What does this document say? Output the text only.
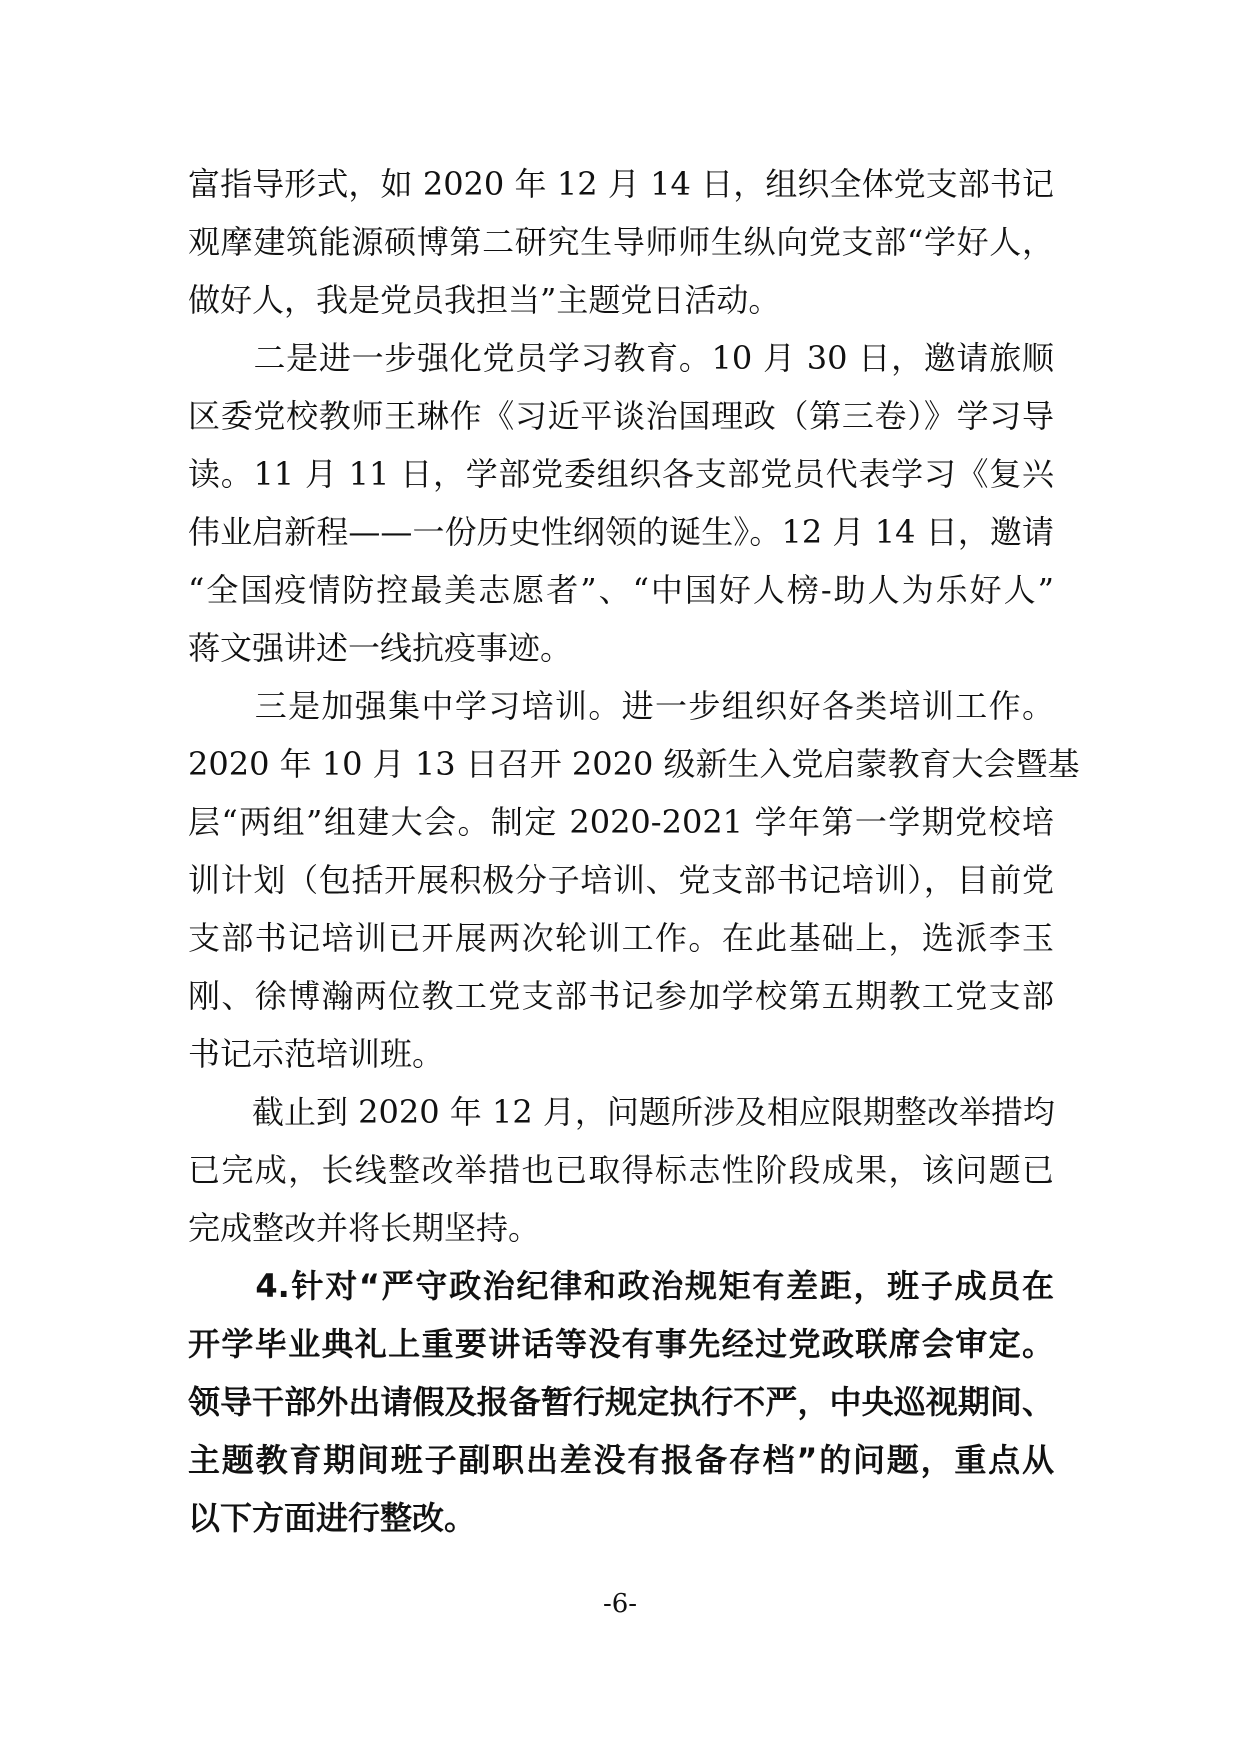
富指导形式，如 2020 年 12 月 14 日，组织全体党支部书记
观摩建筑能源硕博第二研究生导师师生纵向党支部“学好人，
做好人，我是党员我担当”主题党日活动。
　　二是进一步强化党员学习教育。10 月 30 日，邀请旅顺
区委党校教师王琳作《习近平谈治国理政（第三卷）》学习导
读。11 月 11 日，学部党委组织各支部党员代表学习《复兴
伟业启新程——一份历史性纲领的诞生》。12 月 14 日，邀请
“全国疫情防控最美志愿者”、“中国好人榜-助人为乐好人”
蒋文强讲述一线抗疫事迹。
　　三是加强集中学习培训。进一步组织好各类培训工作。
2020 年 10 月 13 日召开 2020 级新生入党启蒙教育大会暨基
层“两组”组建大会。制定 2020-2021 学年第一学期党校培
训计划（包括开展积极分子培训、党支部书记培训），目前党
支部书记培训已开展两次轮训工作。在此基础上，选派李玉
刚、徐博瀚两位教工党支部书记参加学校第五期教工党支部
书记示范培训班。
　　截止到 2020 年 12 月，问题所涉及相应限期整改举措均
已完成，长线整改举措也已取得标志性阶段成果，该问题已
完成整改并将长期坚持。
　　4.针对“严守政治纪律和政治规矩有差距，班子成员在
开学毕业典礼上重要讲话等没有事先经过党政联席会审定。
领导干部外出请假及报备暂行规定执行不严，中央巡视期间、
主题教育期间班子副职出差没有报备存档”的问题，重点从
以下方面进行整改。
-6-
